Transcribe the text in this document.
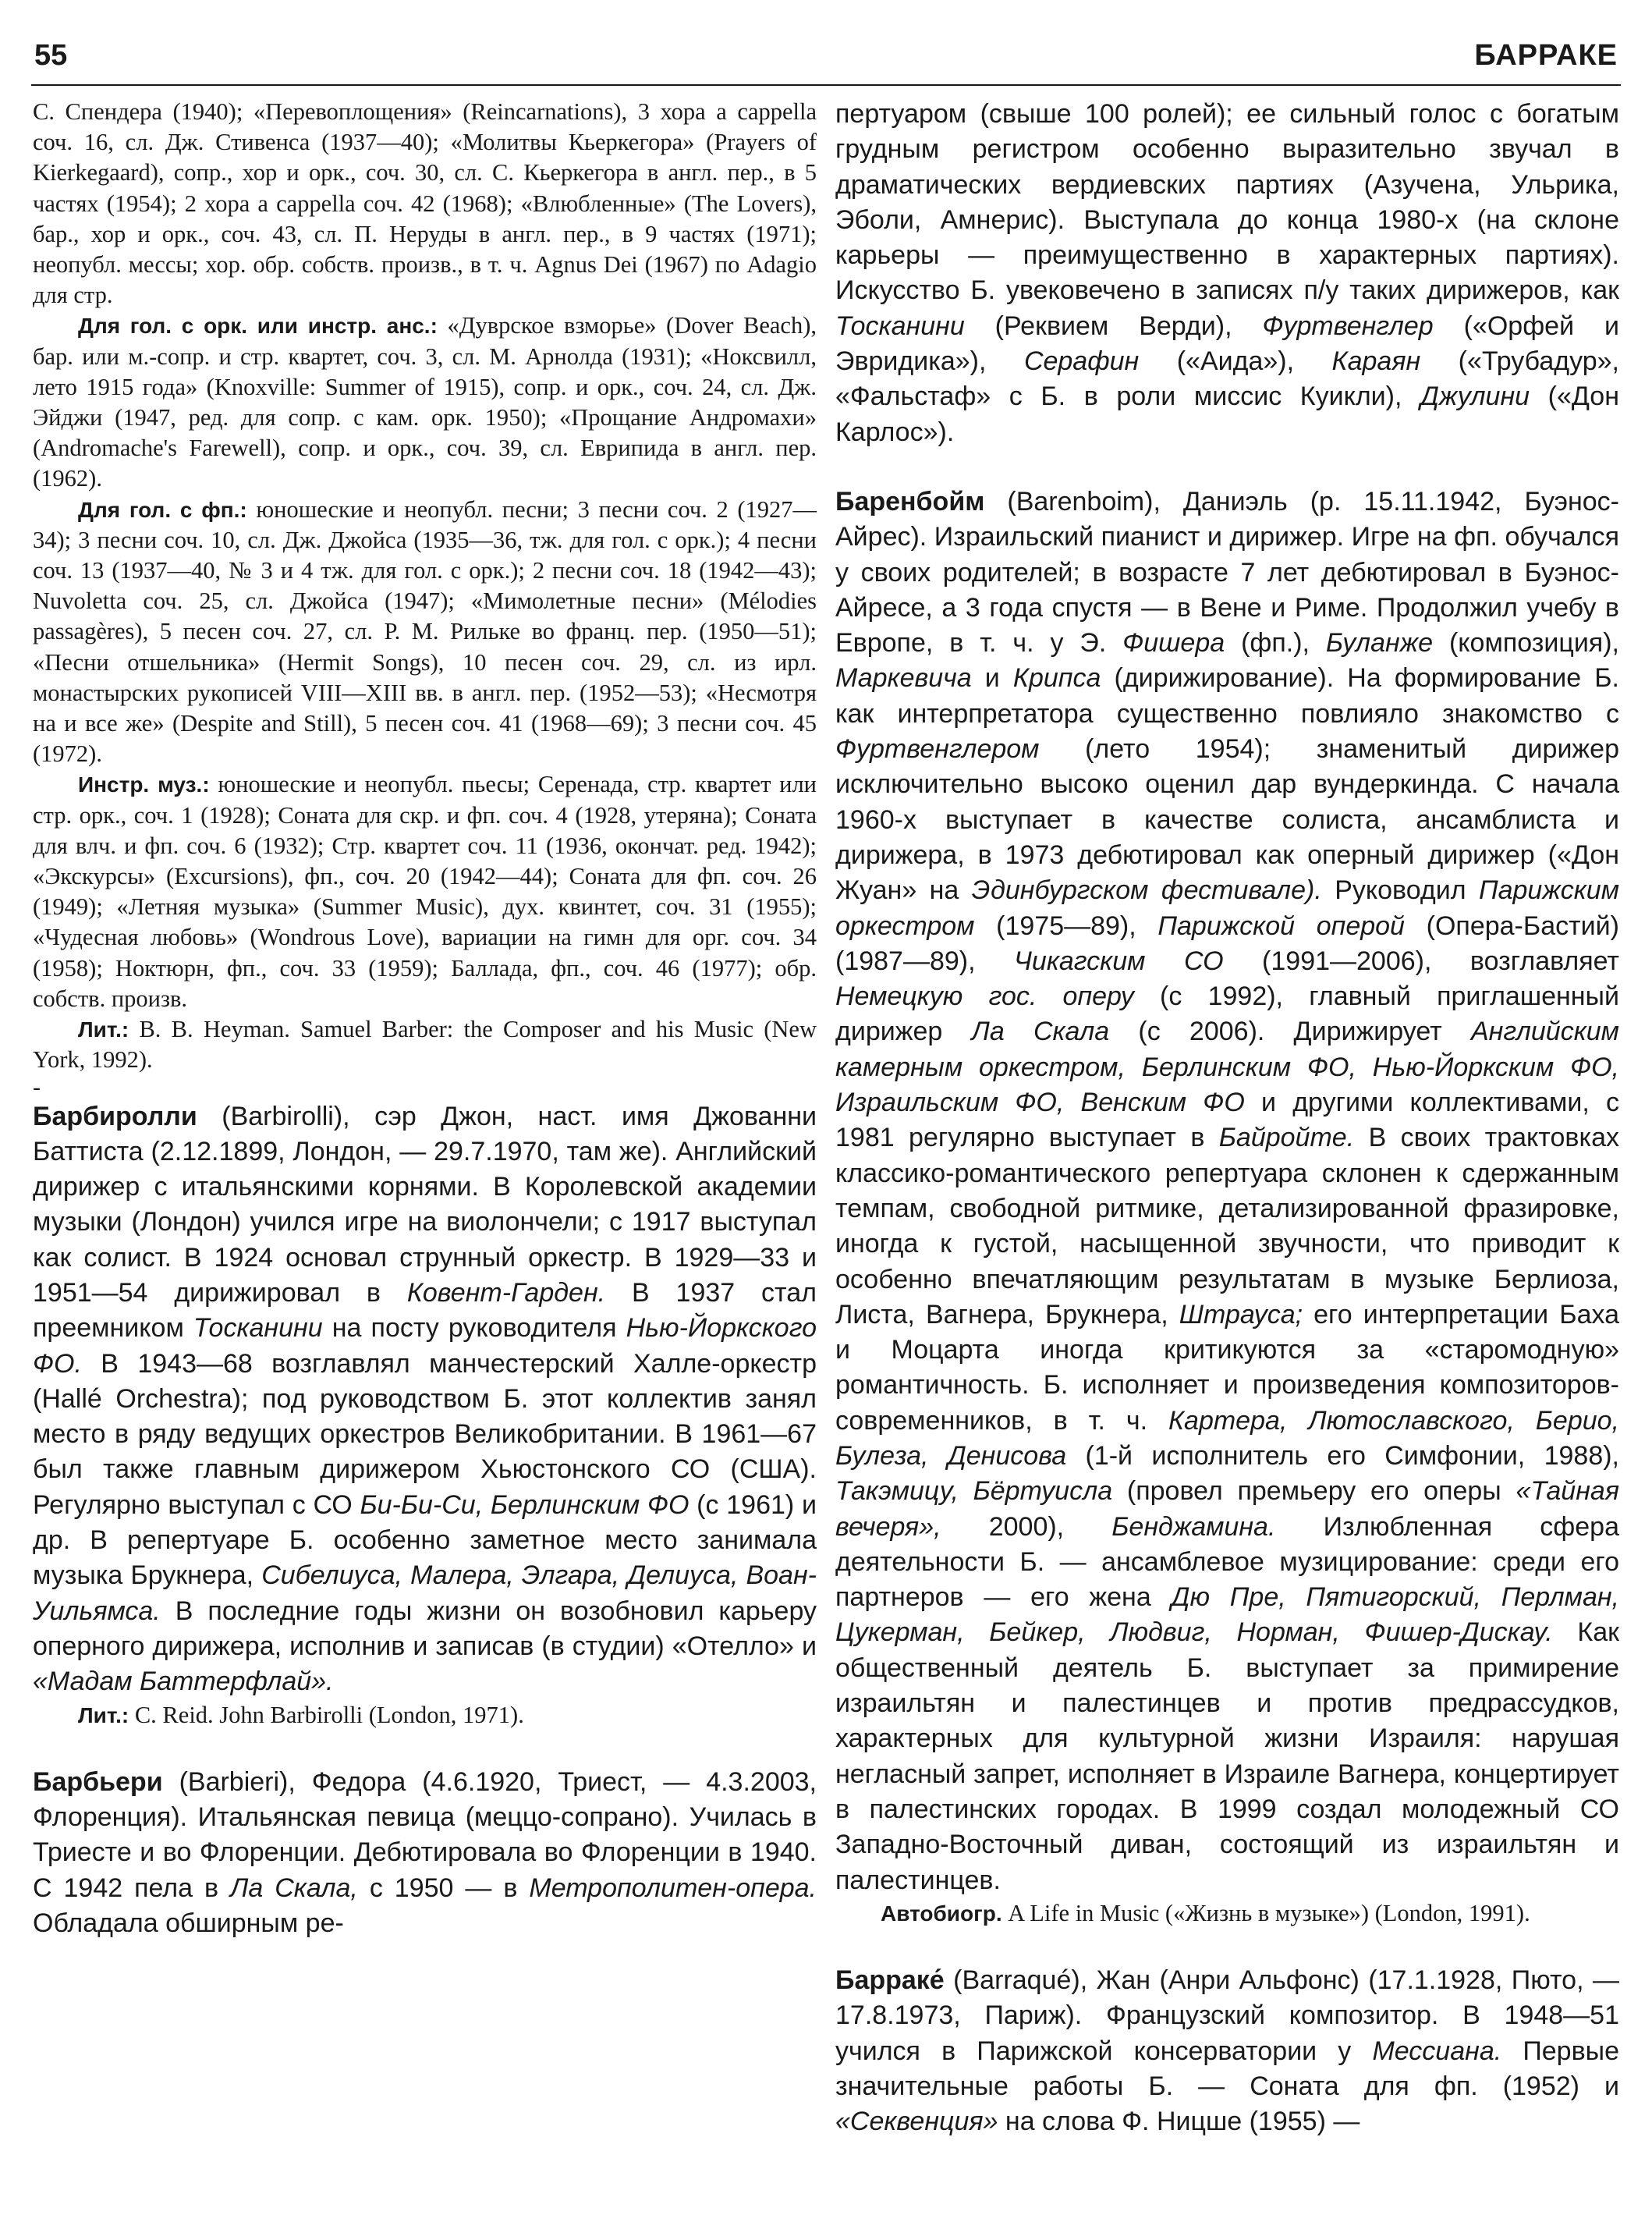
55	БАРРАКЕ

С. Спендера (1940); «Перевоплощения» (Reincarnations), 3 хора a cappella соч. 16, сл. Дж. Стивенса (1937—40); «Молитвы Кьеркегора» (Prayers of Kierkegaard), сопр., хор и орк., соч. 30, сл. С. Кьеркегора в англ. пер., в 5 частях (1954); 2 хора a cappella соч. 42 (1968); «Влюбленные» (The Lovers), бар., хор и орк., соч. 43, сл. П. Неруды в англ. пер., в 9 частях (1971); неопубл. мессы; хор. обр. собств. произв., в т. ч. Agnus Dei (1967) по Adagio для стр.

Для гол. с орк. или инстр. анс.: «Дуврское взморье» (Dover Beach), бар. или м.-сопр. и стр. квартет, соч. 3, сл. М. Арнолда (1931); «Ноксвилл, лето 1915 года» (Knoxville: Summer of 1915), сопр. и орк., соч. 24, сл. Дж. Эйджи (1947, ред. для сопр. с кам. орк. 1950); «Прощание Андромахи» (Andromache's Farewell), сопр. и орк., соч. 39, сл. Еврипида в англ. пер. (1962).

Для гол. с фп.: юношеские и неопубл. песни; 3 песни соч. 2 (1927—34); 3 песни соч. 10, сл. Дж. Джойса (1935—36, тж. для гол. с орк.); 4 песни соч. 13 (1937—40, № 3 и 4 тж. для гол. с орк.); 2 песни соч. 18 (1942—43); Nuvoletta соч. 25, сл. Джойса (1947); «Мимолетные песни» (Mélodies passagères), 5 песен соч. 27, сл. Р. М. Рильке во франц. пер. (1950—51); «Песни отшельника» (Hermit Songs), 10 песен соч. 29, сл. из ирл. монастырских рукописей VIII—XIII вв. в англ. пер. (1952—53); «Несмотря на и все же» (Despite and Still), 5 песен соч. 41 (1968—69); 3 песни соч. 45 (1972).

Инстр. муз.: юношеские и неопубл. пьесы; Серенада, стр. квартет или стр. орк., соч. 1 (1928); Соната для скр. и фп. соч. 4 (1928, утеряна); Соната для влч. и фп. соч. 6 (1932); Стр. квартет соч. 11 (1936, окончат. ред. 1942); «Экскурсы» (Excursions), фп., соч. 20 (1942—44); Соната для фп. соч. 26 (1949); «Летняя музыка» (Summer Music), дух. квинтет, соч. 31 (1955); «Чудесная любовь» (Wondrous Love), вариации на гимн для орг. соч. 34 (1958); Ноктюрн, фп., соч. 33 (1959); Баллада, фп., соч. 46 (1977); обр. собств. произв.

Лит.: B. B. Heyman. Samuel Barber: the Composer and his Music (New York, 1992).

-

Барбиролли (Barbirolli), сэр Джон, наст. имя Джованни Баттиста (2.12.1899, Лондон, — 29.7.1970, там же). Английский дирижер с итальянскими корнями. В Королевской академии музыки (Лондон) учился игре на виолончели; с 1917 выступал как солист. В 1924 основал струнный оркестр. В 1929—33 и 1951—54 дирижировал в Ковент-Гарден. В 1937 стал преемником Тосканини на посту руководителя Нью-Йоркского ФО. В 1943—68 возглавлял манчестерский Халле-оркестр (Hallé Orchestra); под руководством Б. этот коллектив занял место в ряду ведущих оркестров Великобритании. В 1961—67 был также главным дирижером Хьюстонского СО (США). Регулярно выступал с СО Би-Би-Си, Берлинским ФО (с 1961) и др. В репертуаре Б. особенно заметное место занимала музыка Брукнера, Сибелиуса, Малера, Элгара, Делиуса, Воан-Уильямса. В последние годы жизни он возобновил карьеру оперного дирижера, исполнив и записав (в студии) «Отелло» и «Мадам Баттерфлай».

Лит.: C. Reid. John Barbirolli (London, 1971).

Барбьери (Barbieri), Федора (4.6.1920, Триест, — 4.3.2003, Флоренция). Итальянская певица (меццо-сопрано). Училась в Триесте и во Флоренции. Дебютировала во Флоренции в 1940. С 1942 пела в Ла Скала, с 1950 — в Метрополитен-опера. Обладала обширным ре-

пертуаром (свыше 100 ролей); ее сильный голос с богатым грудным регистром особенно выразительно звучал в драматических вердиевских партиях (Азучена, Ульрика, Эболи, Амнерис). Выступала до конца 1980-х (на склоне карьеры — преимущественно в характерных партиях). Искусство Б. увековечено в записях п/у таких дирижеров, как Тосканини (Реквием Верди), Фуртвенглер («Орфей и Эвридика»), Серафин («Аида»), Караян («Трубадур», «Фальстаф» с Б. в роли миссис Куикли), Джулини («Дон Карлос»).

Баренбойм (Barenboim), Даниэль (р. 15.11.1942, Буэнос-Айрес). Израильский пианист и дирижер. Игре на фп. обучался у своих родителей; в возрасте 7 лет дебютировал в Буэнос-Айресе, а 3 года спустя — в Вене и Риме. Продолжил учебу в Европе, в т. ч. у Э. Фишера (фп.), Буланже (композиция), Маркевича и Крипса (дирижирование). На формирование Б. как интерпретатора существенно повлияло знакомство с Фуртвенглером (лето 1954); знаменитый дирижер исключительно высоко оценил дар вундеркинда. С начала 1960-х выступает в качестве солиста, ансамблиста и дирижера, в 1973 дебютировал как оперный дирижер («Дон Жуан» на Эдинбургском фестивале). Руководил Парижским оркестром (1975—89), Парижской оперой (Опера-Бастий) (1987—89), Чикагским СО (1991—2006), возглавляет Немецкую гос. оперу (с 1992), главный приглашенный дирижер Ла Скала (с 2006). Дирижирует Английским камерным оркестром, Берлинским ФО, Нью-Йоркским ФО, Израильским ФО, Венским ФО и другими коллективами, с 1981 регулярно выступает в Байройте. В своих трактовках классико-романтического репертуара склонен к сдержанным темпам, свободной ритмике, детализированной фразировке, иногда к густой, насыщенной звучности, что приводит к особенно впечатляющим результатам в музыке Берлиоза, Листа, Вагнера, Брукнера, Штрауса; его интерпретации Баха и Моцарта иногда критикуются за «старомодную» романтичность. Б. исполняет и произведения композиторов-современников, в т. ч. Картера, Лютославского, Берио, Булеза, Денисова (1-й исполнитель его Симфонии, 1988), Такэмицу, Бёртуисла (провел премьеру его оперы «Тайная вечеря», 2000), Бенджамина. Излюбленная сфера деятельности Б. — ансамблевое музицирование: среди его партнеров — его жена Дю Пре, Пятигорский, Перлман, Цукерман, Бейкер, Людвиг, Норман, Фишер-Дискау. Как общественный деятель Б. выступает за примирение израильтян и палестинцев и против предрассудков, характерных для культурной жизни Израиля: нарушая негласный запрет, исполняет в Израиле Вагнера, концертирует в палестинских городах. В 1999 создал молодежный СО Западно-Восточный диван, состоящий из израильтян и палестинцев.

Автобиогр. A Life in Music («Жизнь в музыке») (London, 1991).

Барраке́ (Barraqué), Жан (Анри Альфонс) (17.1.1928, Пюто, — 17.8.1973, Париж). Французский композитор. В 1948—51 учился в Парижской консерватории у Мессиана. Первые значительные работы Б. — Соната для фп. (1952) и «Секвенция» на слова Ф. Ницше (1955) —
